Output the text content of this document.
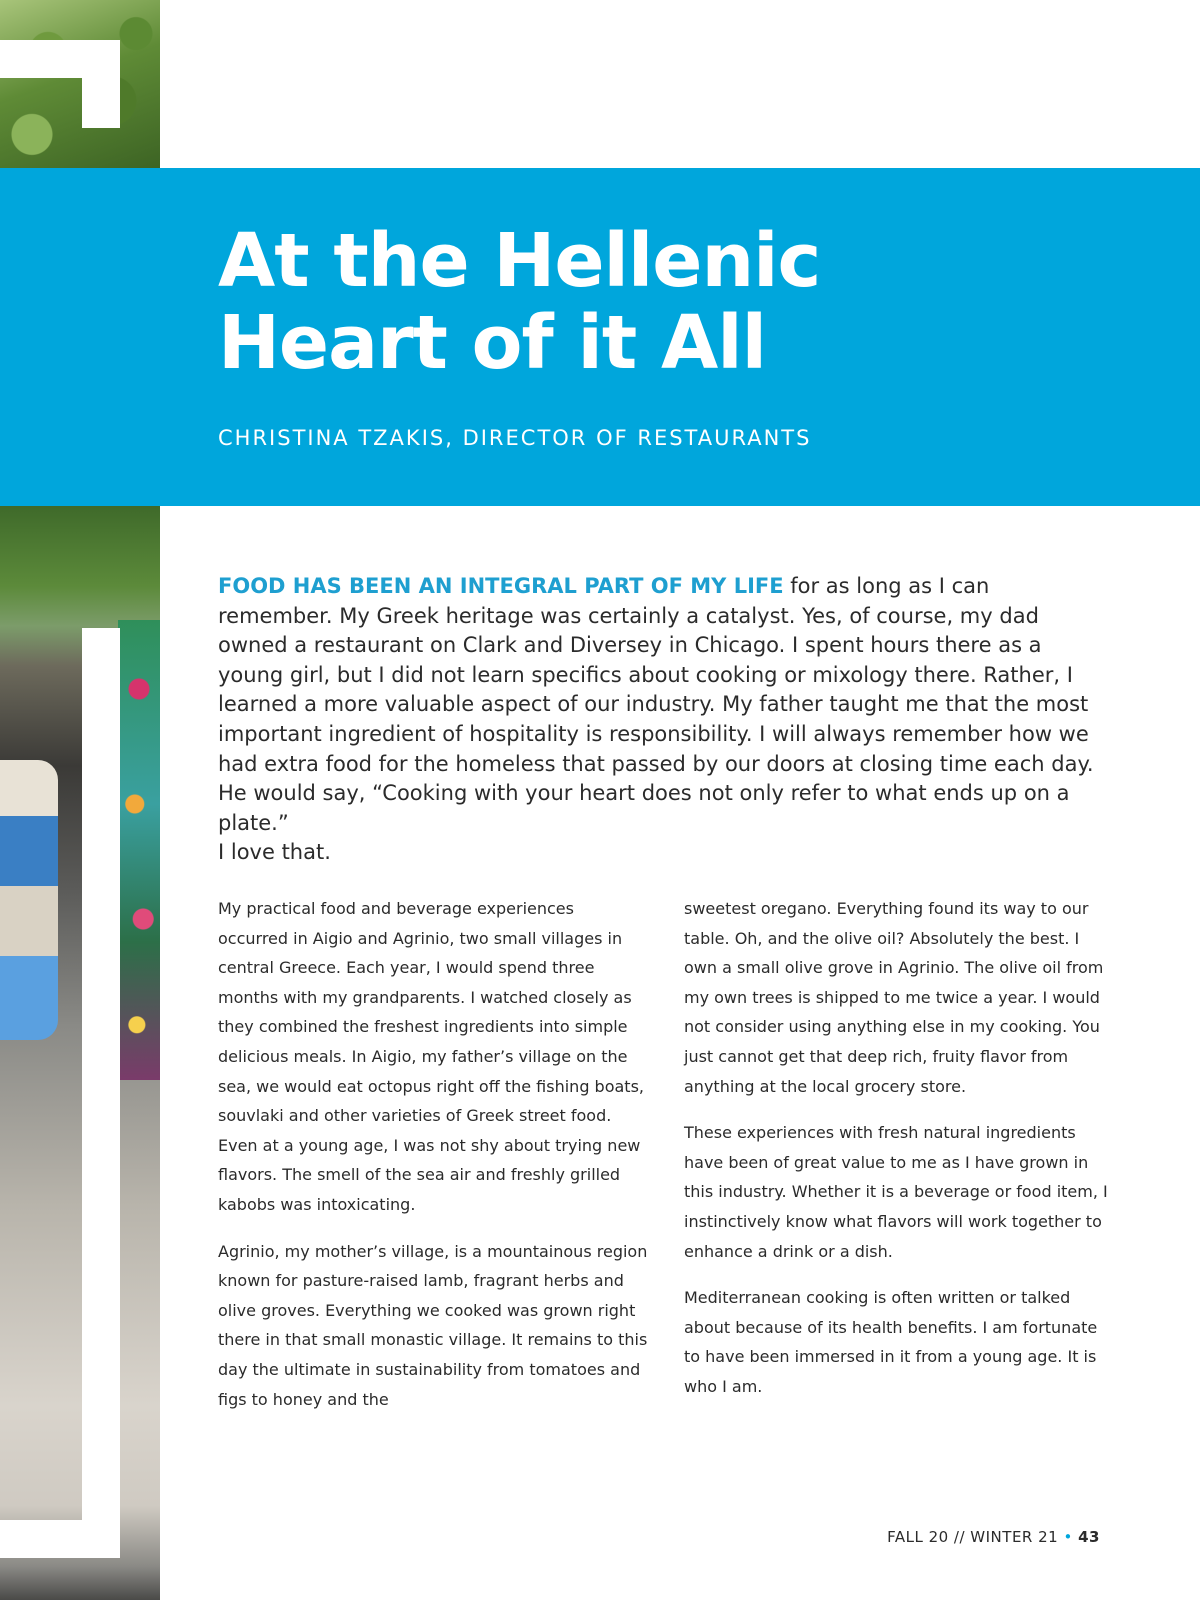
At the Hellenic
Heart of it All
CHRISTINA TZAKIS, DIRECTOR OF RESTAURANTS

FOOD HAS BEEN AN INTEGRAL PART OF MY LIFE for as long as I can remember. My Greek heritage was certainly a catalyst. Yes, of course, my dad owned a restaurant on Clark and Diversey in Chicago. I spent hours there as a young girl, but I did not learn specifics about cooking or mixology there. Rather, I learned a more valuable aspect of our industry. My father taught me that the most important ingredient of hospitality is responsibility. I will always remember how we had extra food for the homeless that passed by our doors at closing time each day. He would say, “Cooking with your heart does not only refer to what ends up on a plate.”
I love that.

My practical food and beverage experiences occurred in Aigio and Agrinio, two small villages in central Greece. Each year, I would spend three months with my grandparents. I watched closely as they combined the freshest ingredients into simple delicious meals. In Aigio, my father’s village on the sea, we would eat octopus right off the fishing boats, souvlaki and other varieties of Greek street food. Even at a young age, I was not shy about trying new flavors. The smell of the sea air and freshly grilled kabobs was intoxicating.

Agrinio, my mother’s village, is a mountainous region known for pasture-raised lamb, fragrant herbs and olive groves. Everything we cooked was grown right there in that small monastic village. It remains to this day the ultimate in sustainability from tomatoes and figs to honey and the

sweetest oregano. Everything found its way to our table. Oh, and the olive oil? Absolutely the best. I own a small olive grove in Agrinio. The olive oil from my own trees is shipped to me twice a year. I would not consider using anything else in my cooking. You just cannot get that deep rich, fruity flavor from anything at the local grocery store.

These experiences with fresh natural ingredients have been of great value to me as I have grown in this industry. Whether it is a beverage or food item, I instinctively know what flavors will work together to enhance a drink or a dish.

Mediterranean cooking is often written or talked about because of its health benefits. I am fortunate to have been immersed in it from a young age. It is who I am.

FALL 20 // WINTER 21 • 43
